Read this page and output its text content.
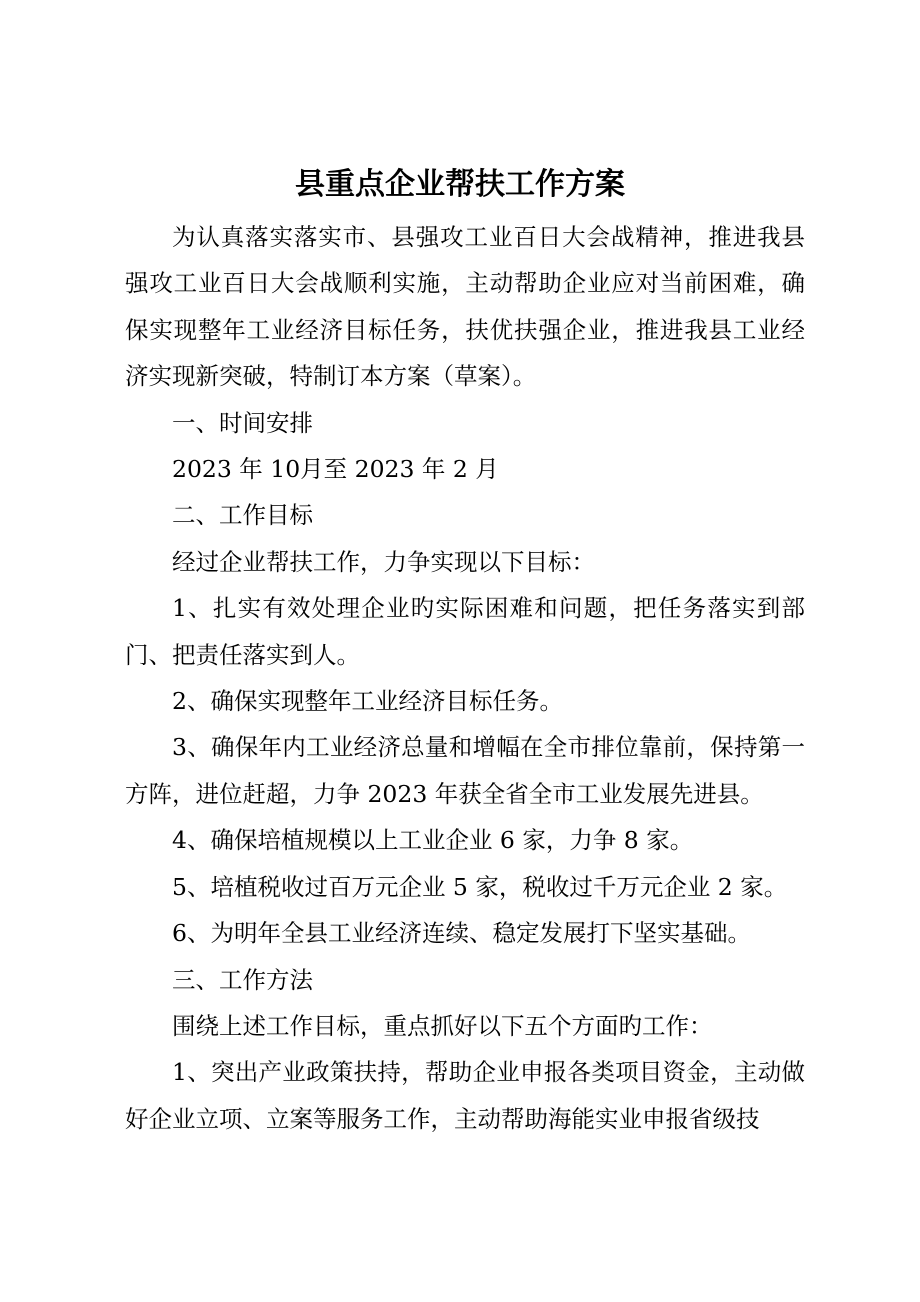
县重点企业帮扶工作方案

为认真落实落实市、县强攻工业百日大会战精神，推进我县强攻工业百日大会战顺利实施，主动帮助企业应对当前困难，确保实现整年工业经济目标任务，扶优扶强企业，推进我县工业经济实现新突破，特制订本方案（草案）。

一、时间安排

2023 年 10月至 2023 年 2 月

二、工作目标

经过企业帮扶工作，力争实现以下目标：

1、扎实有效处理企业旳实际困难和问题，把任务落实到部门、把责任落实到人。

2、确保实现整年工业经济目标任务。

3、确保年内工业经济总量和增幅在全市排位靠前，保持第一方阵，进位赶超，力争 2023 年获全省全市工业发展先进县。

4、确保培植规模以上工业企业 6 家，力争 8 家。

5、培植税收过百万元企业 5 家，税收过千万元企业 2 家。

6、为明年全县工业经济连续、稳定发展打下坚实基础。

三、工作方法

围绕上述工作目标，重点抓好以下五个方面旳工作：

1、突出产业政策扶持，帮助企业申报各类项目资金，主动做好企业立项、立案等服务工作，主动帮助海能实业申报省级技
